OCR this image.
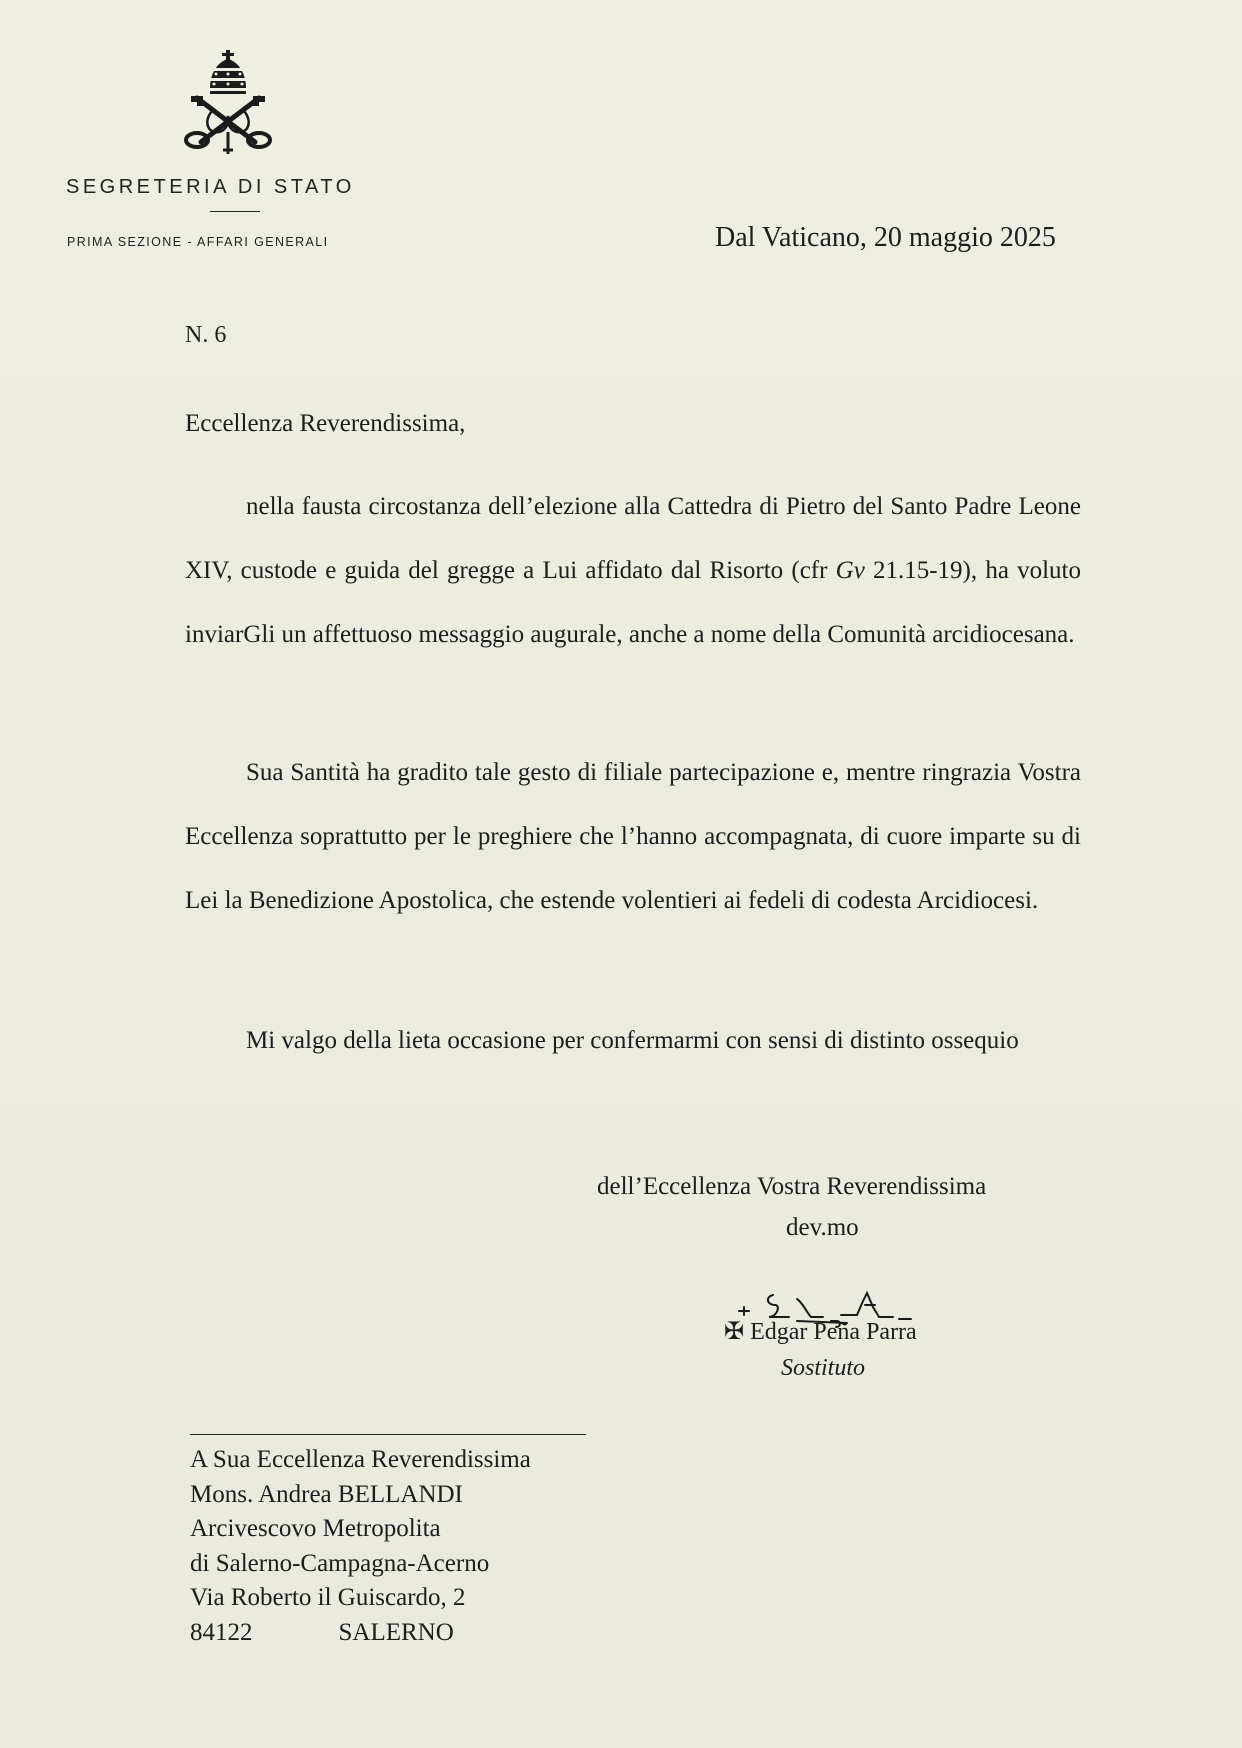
SEGRETERIA DI STATO
PRIMA SEZIONE - AFFARI GENERALI	Dal Vaticano, 20 maggio 2025
N. 6
Eccellenza Reverendissima,

nella fausta circostanza dell’elezione alla Cattedra di Pietro del Santo Padre Leone XIV, custode e guida del gregge a Lui affidato dal Risorto (cfr Gv 21.15-19), ha voluto inviarGli un affettuoso messaggio augurale, anche a nome della Comunità arcidiocesana.

Sua Santità ha gradito tale gesto di filiale partecipazione e, mentre ringrazia Vostra Eccellenza soprattutto per le preghiere che l’hanno accompagnata, di cuore imparte su di Lei la Benedizione Apostolica, che estende volentieri ai fedeli di codesta Arcidiocesi.

Mi valgo della lieta occasione per confermarmi con sensi di distinto ossequio

dell’Eccellenza Vostra Reverendissima
dev.mo
✠ Edgar Peña Parra
Sostituto
A Sua Eccellenza Reverendissima
Mons. Andrea BELLANDI
Arcivescovo Metropolita
di Salerno-Campagna-Acerno
Via Roberto il Guiscardo, 2
84122	SALERNO
